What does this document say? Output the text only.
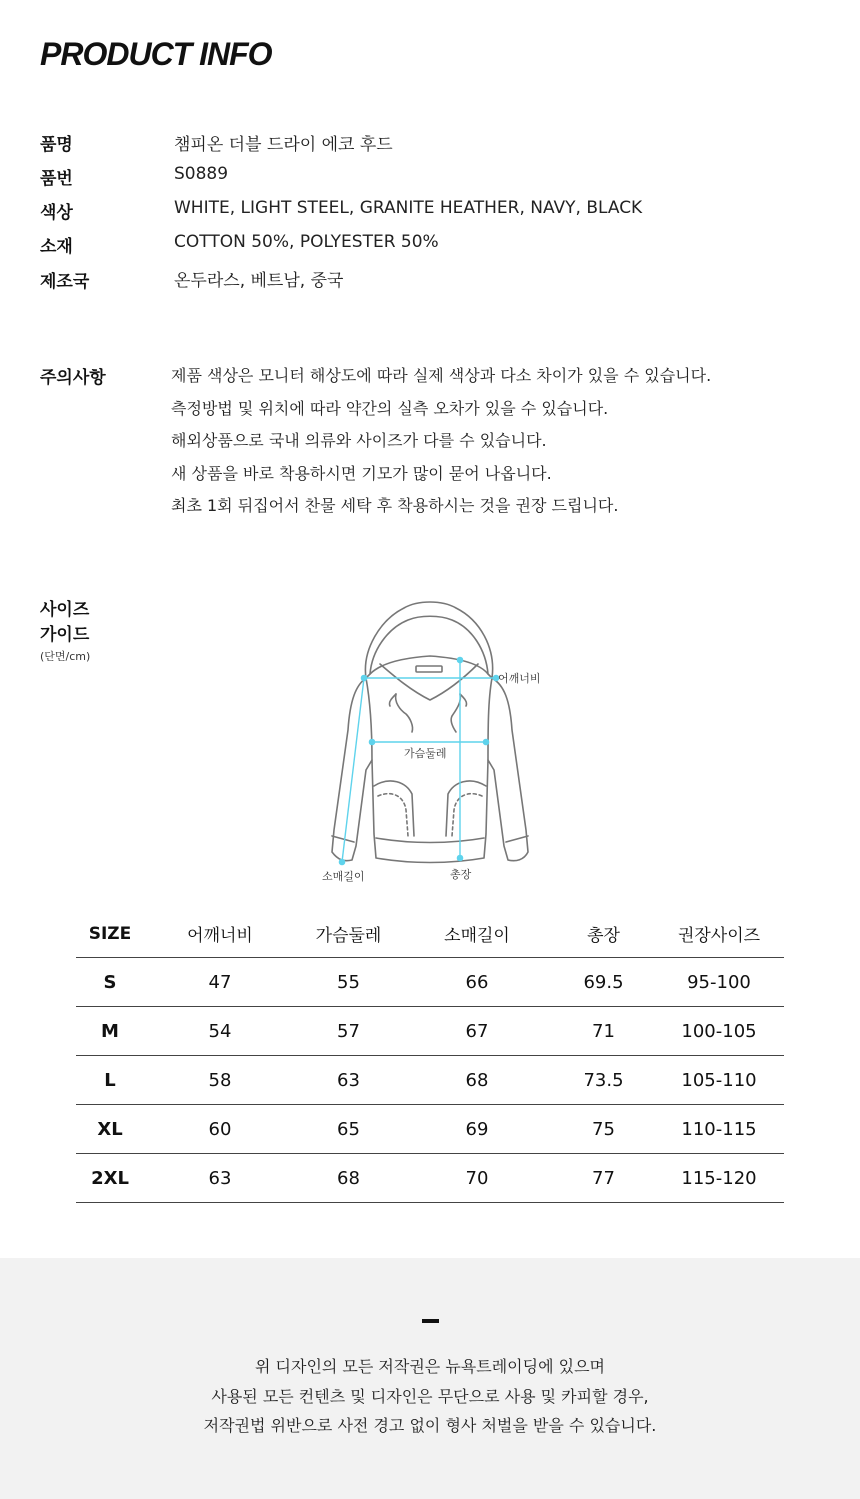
PRODUCT INFO
품명	챔피온 더블 드라이 에코 후드
품번	S0889
색상	WHITE, LIGHT STEEL, GRANITE HEATHER, NAVY, BLACK
소재	COTTON 50%, POLYESTER 50%
제조국	온두라스, 베트남, 중국
주의사항	제품 색상은 모니터 해상도에 따라 실제 색상과 다소 차이가 있을 수 있습니다.
측정방법 및 위치에 따라 약간의 실측 오차가 있을 수 있습니다.
해외상품으로 국내 의류와 사이즈가 다를 수 있습니다.
새 상품을 바로 착용하시면 기모가 많이 묻어 나옵니다.
최초 1회 뒤집어서 찬물 세탁 후 착용하시는 것을 권장 드립니다.
사이즈
가이드
(단면/cm)
어깨너비
가슴둘레
소매길이	총장
SIZE	어깨너비	가슴둘레	소매길이	총장	권장사이즈
S	47	55	66	69.5	95-100
M	54	57	67	71	100-105
L	58	63	68	73.5	105-110
XL	60	65	69	75	110-115
2XL	63	68	70	77	115-120
위 디자인의 모든 저작권은 뉴욕트레이딩에 있으며
사용된 모든 컨텐츠 및 디자인은 무단으로 사용 및 카피할 경우,
저작권법 위반으로 사전 경고 없이 형사 처벌을 받을 수 있습니다.
